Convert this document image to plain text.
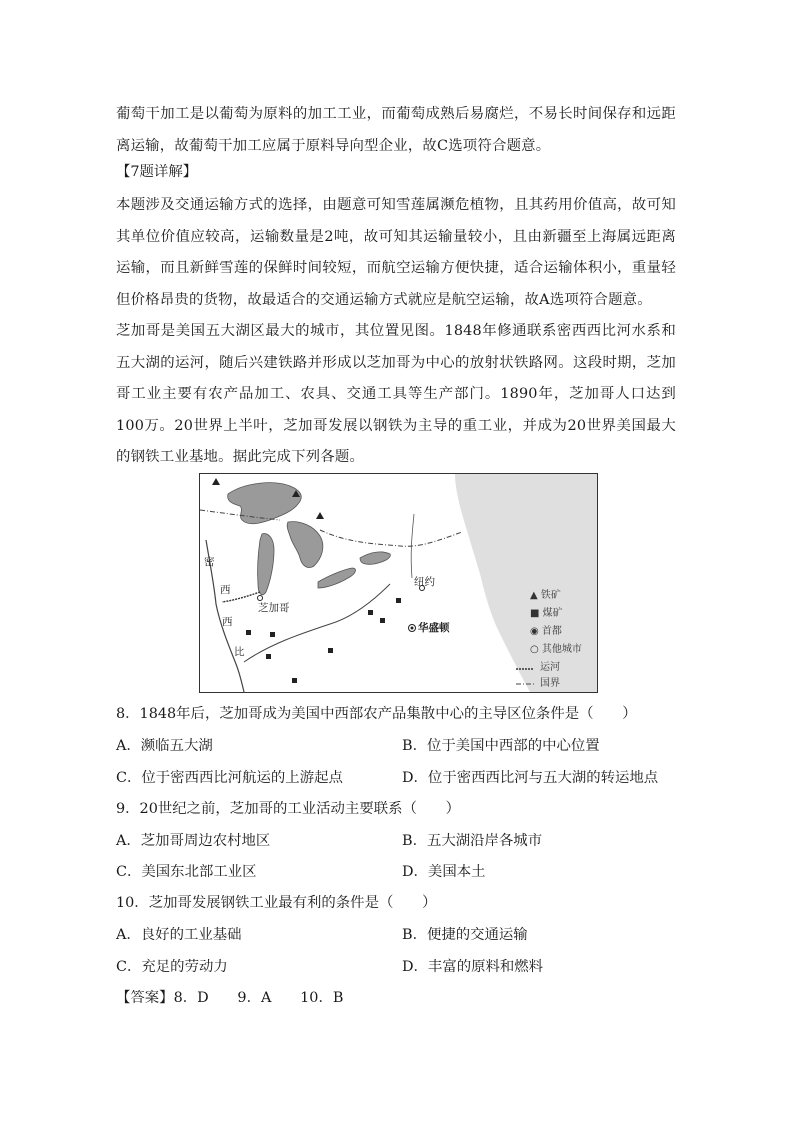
葡萄干加工是以葡萄为原料的加工工业，而葡萄成熟后易腐烂，不易长时间保存和远距离运输，故葡萄干加工应属于原料导向型企业，故C选项符合题意。

【7题详解】

本题涉及交通运输方式的选择，由题意可知雪莲属濒危植物，且其药用价值高，故可知其单位价值应较高，运输数量是2吨，故可知其运输量较小，且由新疆至上海属远距离运输，而且新鲜雪莲的保鲜时间较短，而航空运输方便快捷，适合运输体积小，重量轻但价格昂贵的货物，故最适合的交通运输方式就应是航空运输，故A选项符合题意。

芝加哥是美国五大湖区最大的城市，其位置见图。1848年修通联系密西西比河水系和五大湖的运河，随后兴建铁路并形成以芝加哥为中心的放射状铁路网。这段时期，芝加哥工业主要有农产品加工、农具、交通工具等生产部门。1890年，芝加哥人口达到100万。20世界上半叶，芝加哥发展以钢铁为主导的重工业，并成为20世界美国最大的钢铁工业基地。据此完成下列各题。

芝加哥
纽约
华盛顿
密
西
西
比
▲ 铁矿
■ 煤矿
◉ 首都
○ 其他城市
运河
国界
8．1848年后，芝加哥成为美国中西部农产品集散中心的主导区位条件是（　　）
A．濒临五大湖	B．位于美国中西部的中心位置
C．位于密西西比河航运的上游起点	D．位于密西西比河与五大湖的转运地点
9．20世纪之前，芝加哥的工业活动主要联系（　　）
A．芝加哥周边农村地区	B．五大湖沿岸各城市
C．美国东北部工业区	D．美国本土
10．芝加哥发展钢铁工业最有利的条件是（　　）
A．良好的工业基础	B．便捷的交通运输
C．充足的劳动力	D．丰富的原料和燃料
【答案】8．D　　9．A　　10．B
